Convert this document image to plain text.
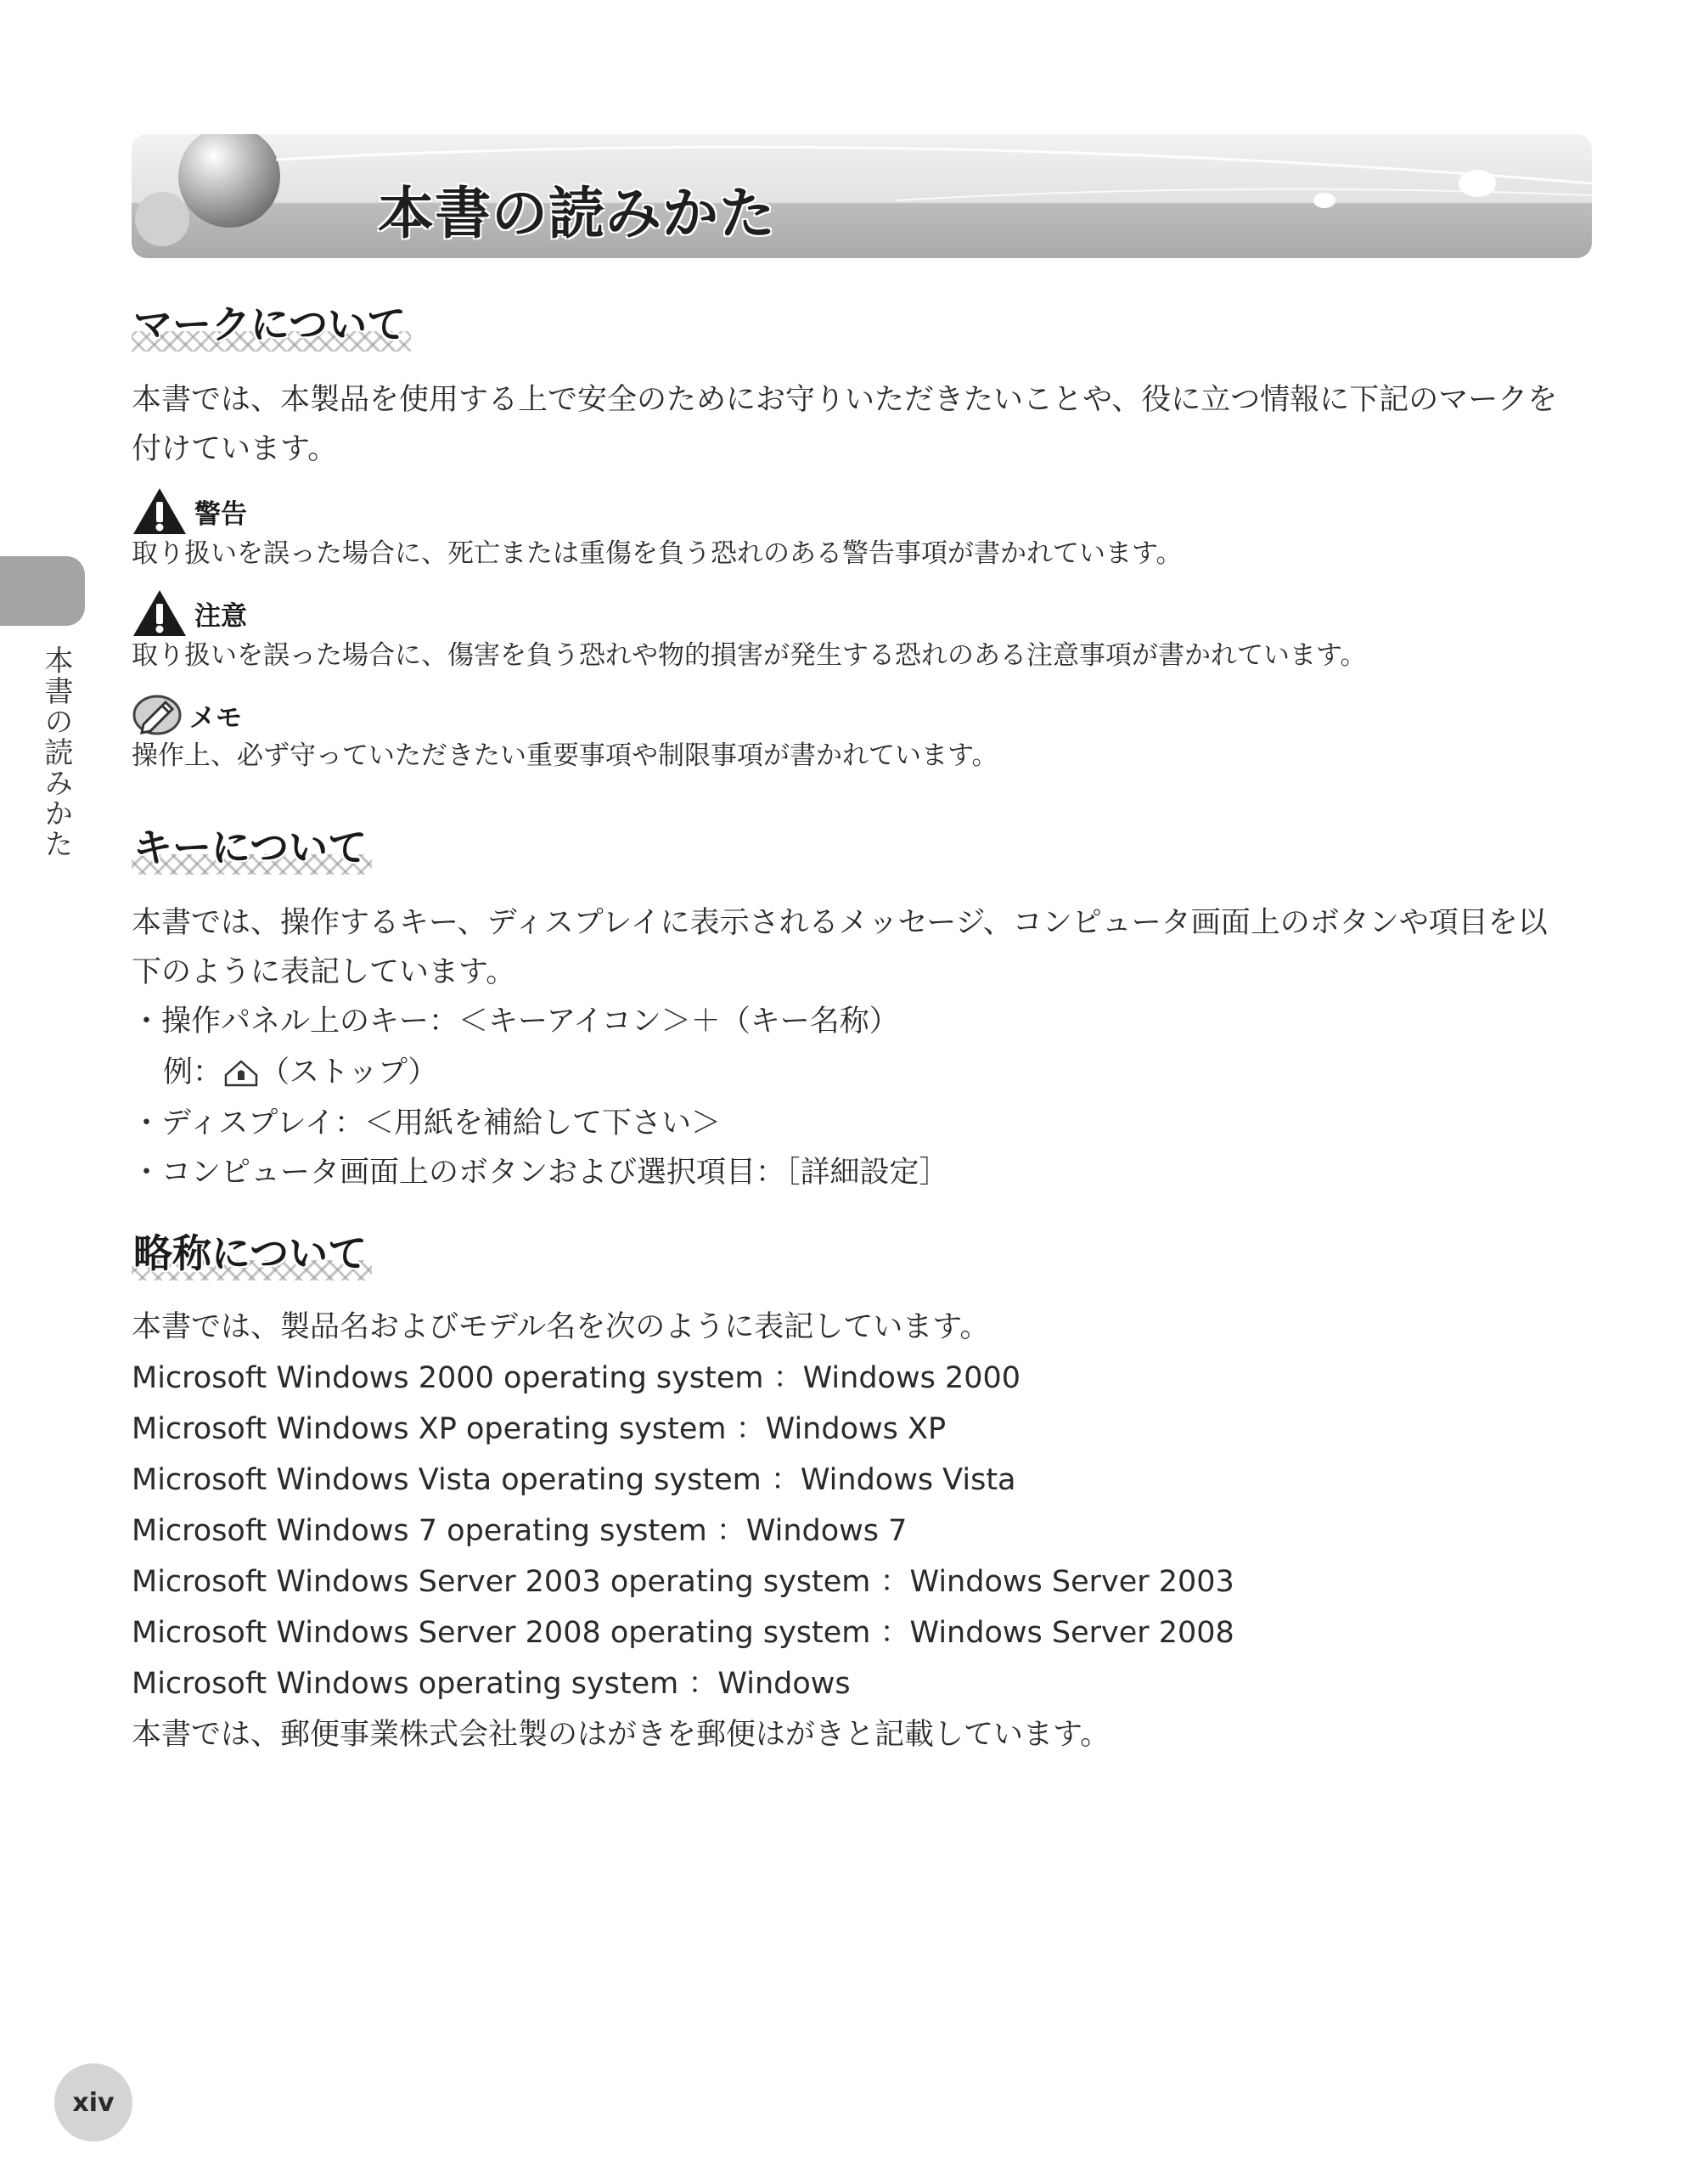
本書の読みかた
本書の読みかた
マークについて
本書では、本製品を使用する上で安全のためにお守りいただきたいことや、役に立つ情報に下記のマークを
付けています。
警告
取り扱いを誤った場合に、死亡または重傷を負う恐れのある警告事項が書かれています。
注意
取り扱いを誤った場合に、傷害を負う恐れや物的損害が発生する恐れのある注意事項が書かれています。
メモ
操作上、必ず守っていただきたい重要事項や制限事項が書かれています。
キーについて
本書では、操作するキー、ディスプレイに表示されるメッセージ、コンピュータ画面上のボタンや項目を以
下のように表記しています。
・操作パネル上のキー：＜キーアイコン＞＋（キー名称）
例： （ストップ）
・ディスプレイ：＜用紙を補給して下さい＞
・コンピュータ画面上のボタンおよび選択項目：［詳細設定］
略称について
本書では、製品名およびモデル名を次のように表記しています。
Microsoft Windows 2000 operating system ：Windows 2000
Microsoft Windows XP operating system ：Windows XP
Microsoft Windows Vista operating system ：Windows Vista
Microsoft Windows 7 operating system ：Windows 7
Microsoft Windows Server 2003 operating system ：Windows Server 2003
Microsoft Windows Server 2008 operating system ：Windows Server 2008
Microsoft Windows operating system ：Windows
本書では、郵便事業株式会社製のはがきを郵便はがきと記載しています。
xiv
